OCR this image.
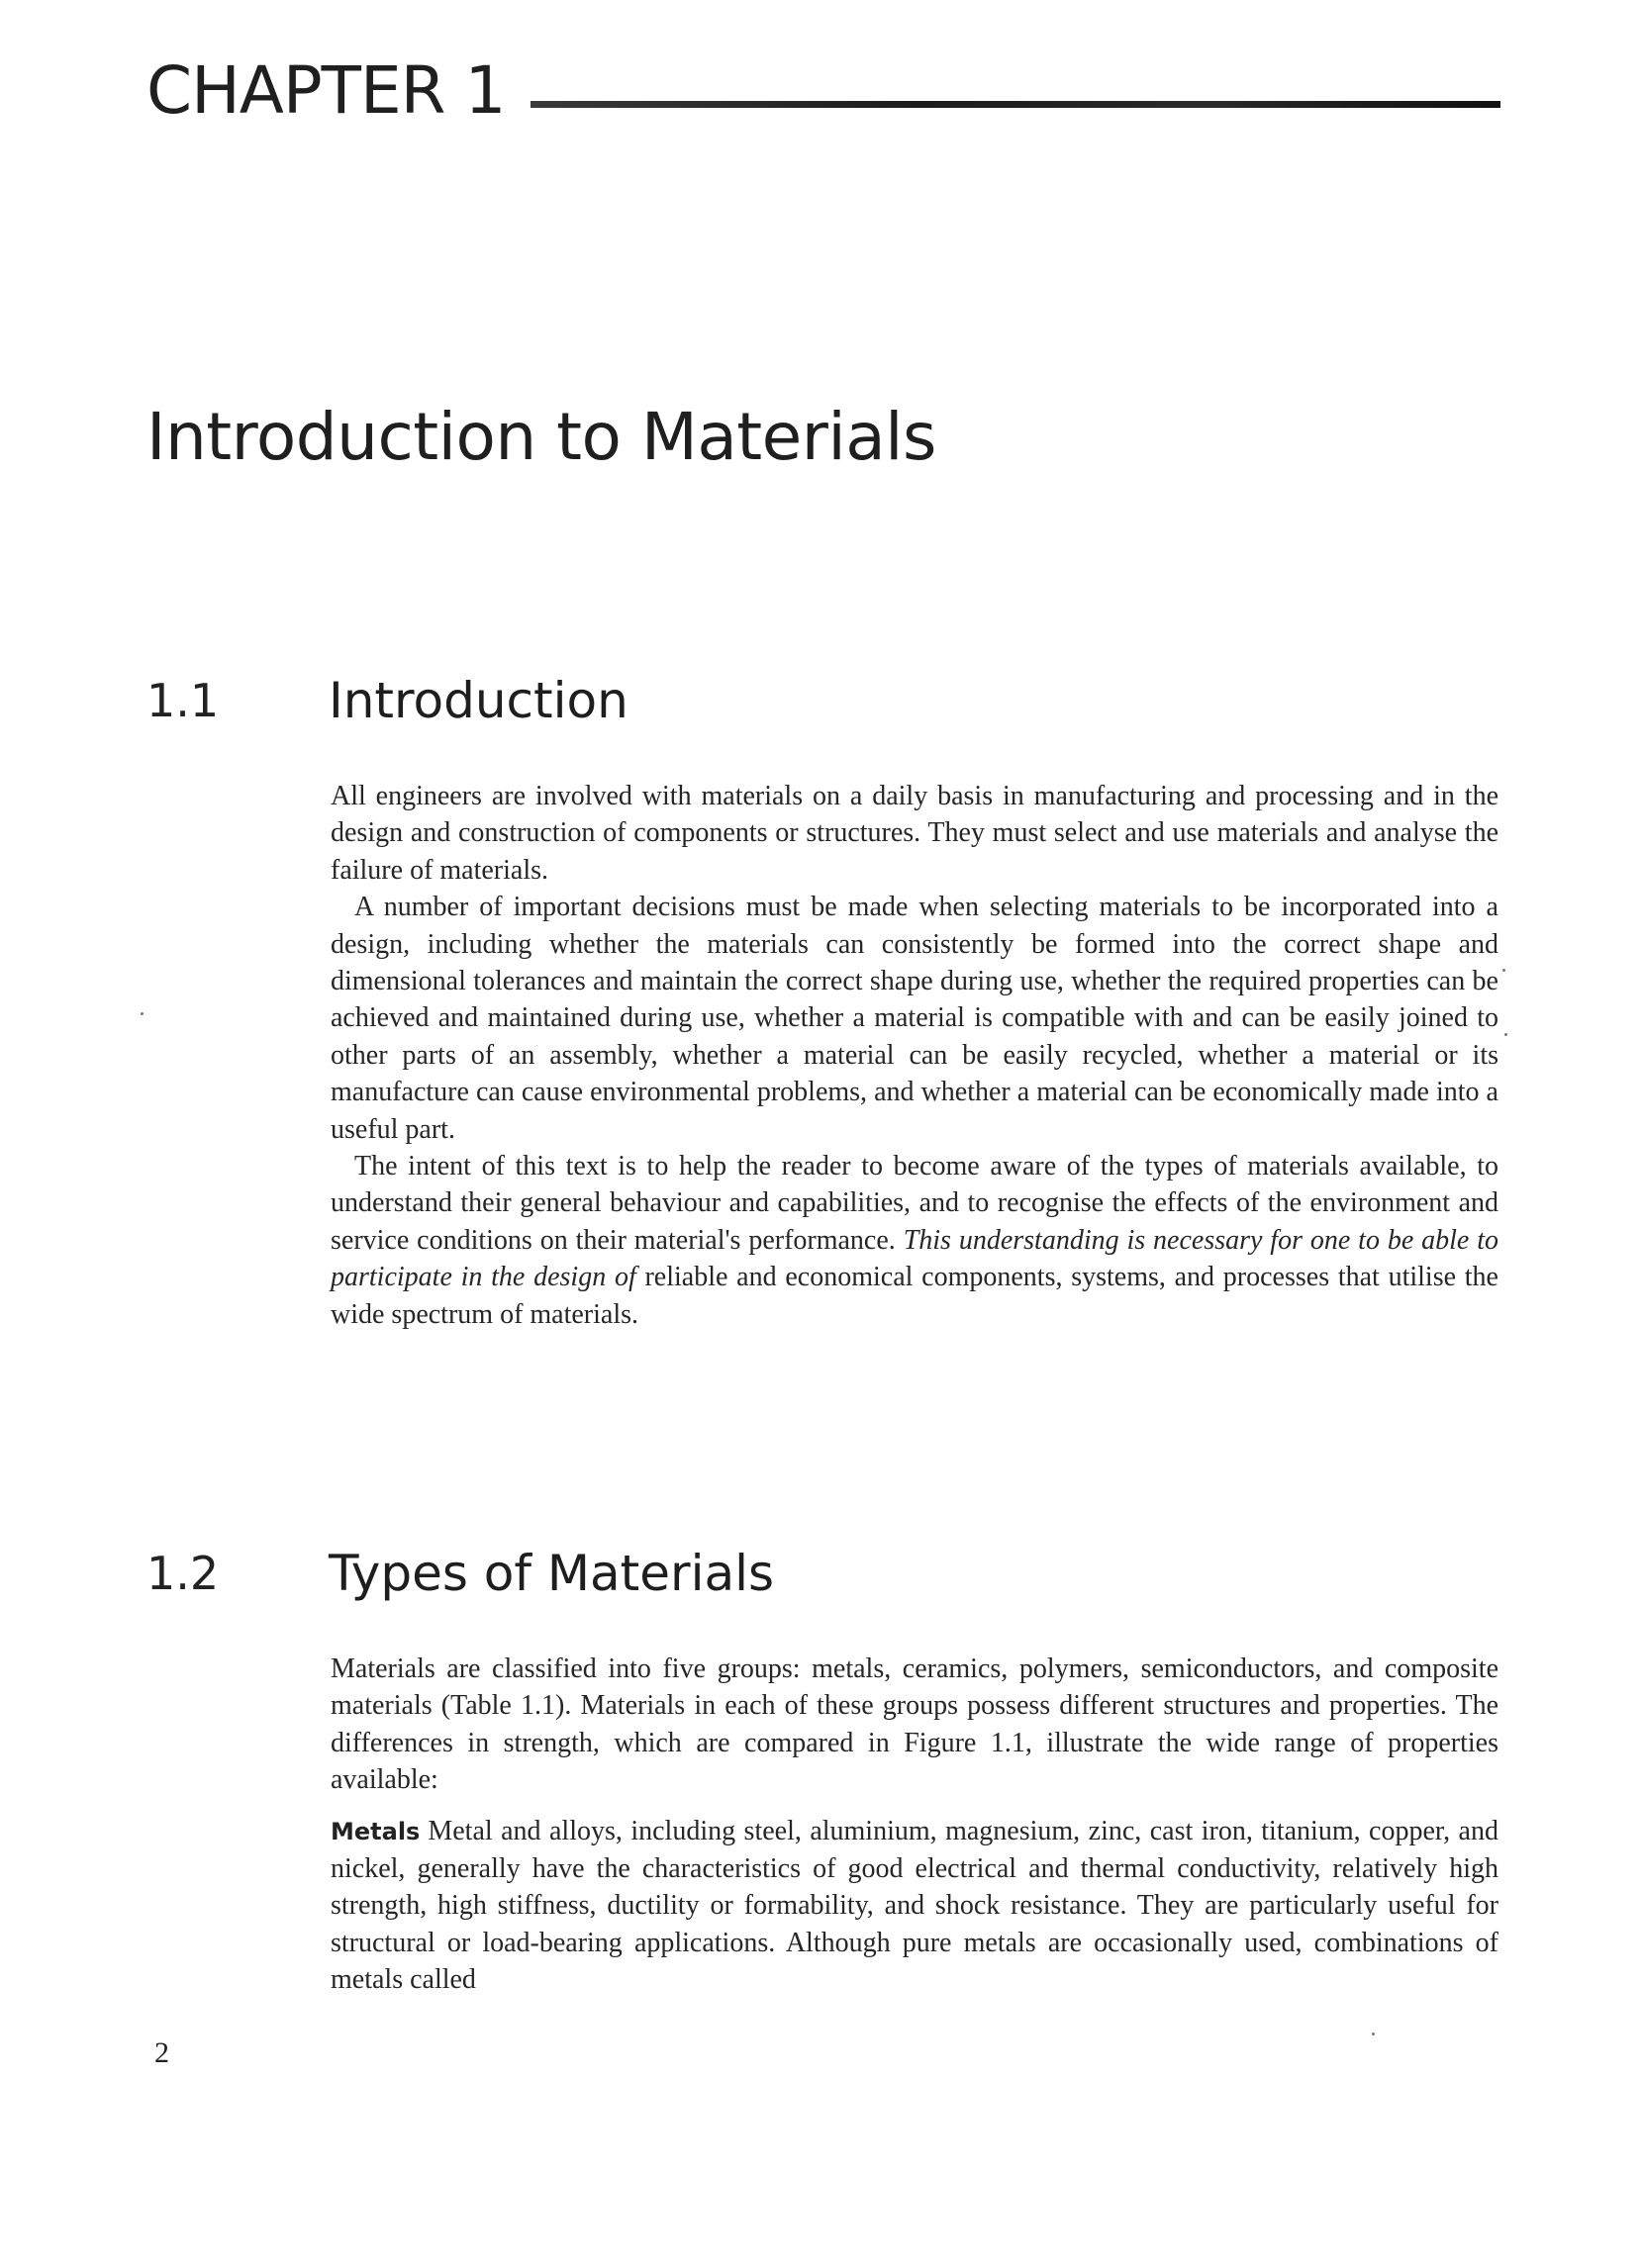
CHAPTER 1
Introduction to Materials
1.1 Introduction

All engineers are involved with materials on a daily basis in manufacturing and processing and in the design and construction of components or structures. They must select and use materials and analyse the failure of materials.

A number of important decisions must be made when selecting materials to be incorporated into a design, including whether the materials can consistently be formed into the correct shape and dimensional tolerances and maintain the correct shape during use, whether the required properties can be achieved and maintained during use, whether a material is compatible with and can be easily joined to other parts of an assembly, whether a material can be easily recycled, whether a material or its manufacture can cause environmental problems, and whether a material can be economically made into a useful part.

The intent of this text is to help the reader to become aware of the types of materials available, to understand their general behaviour and capabilities, and to recognise the effects of the environment and service conditions on their material's performance. This understanding is necessary for one to be able to participate in the design of reliable and economical components, systems, and processes that utilise the wide spectrum of materials.

1.2 Types of Materials

Materials are classified into five groups: metals, ceramics, polymers, semiconductors, and composite materials (Table 1.1). Materials in each of these groups possess different structures and properties. The differences in strength, which are compared in Figure 1.1, illustrate the wide range of properties available:

Metals Metal and alloys, including steel, aluminium, magnesium, zinc, cast iron, titanium, copper, and nickel, generally have the characteristics of good electrical and thermal conductivity, relatively high strength, high stiffness, ductility or formability, and shock resistance. They are particularly useful for structural or load-bearing applications. Although pure metals are occasionally used, combinations of metals called

2
